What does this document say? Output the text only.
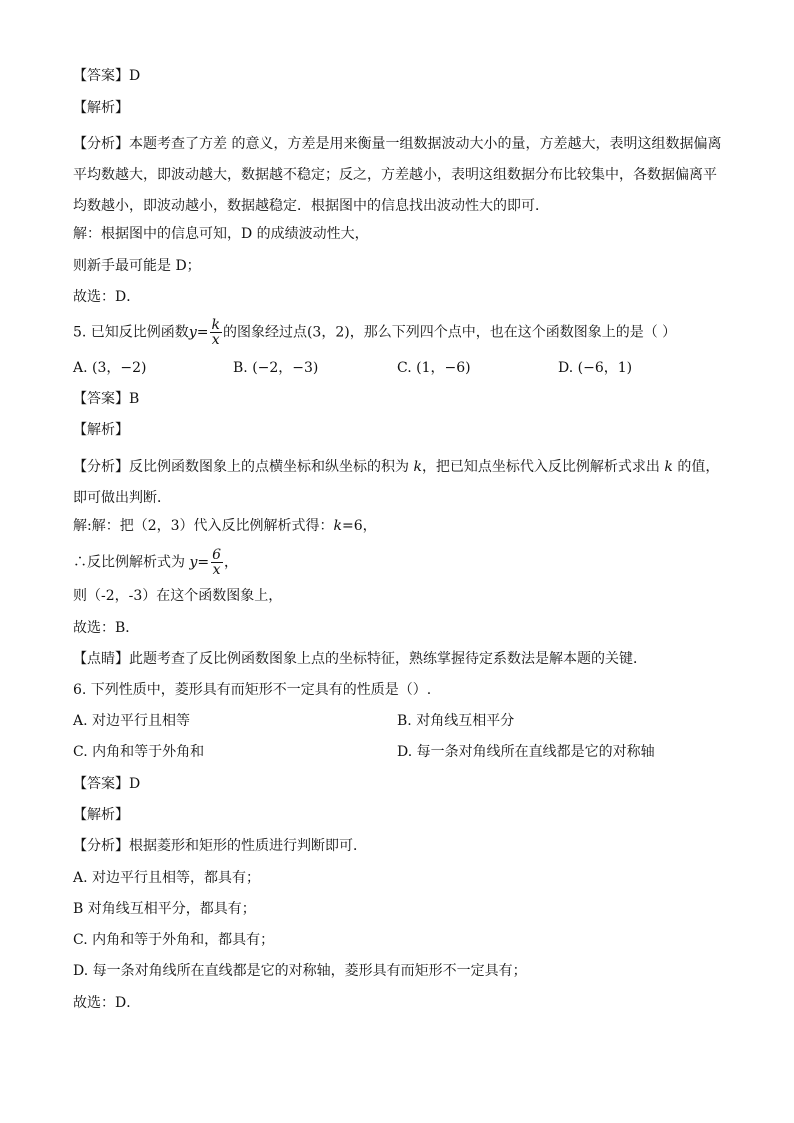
【答案】D
【解析】
【分析】本题考查了方差 的意义，方差是用来衡量一组数据波动大小的量，方差越大，表明这组数据偏离平均数越大，即波动越大，数据越不稳定；反之，方差越小，表明这组数据分布比较集中，各数据偏离平均数越小，即波动越小，数据越稳定．根据图中的信息找出波动性大的即可．
解：根据图中的信息可知，D 的成绩波动性大，
则新手最可能是 D；
故选：D．
5. 已知反比例函数$y= \frac{k}{x}$ 的图象经过点(3，2)，那么下列四个点中，也在这个函数图象上的是（ ）
A. (3，−2)	B. (−2，−3)	C. (1，−6)	D. (−6，1)
【答案】B
【解析】
【分析】反比例函数图象上的点横坐标和纵坐标的积为 k，把已知点坐标代入反比例解析式求出 k 的值，即可做出判断．
解:解：把（2，3）代入反比例解析式得：k=6，
∴反比例解析式为 $y= \frac{6}{x}$ ，
则（-2，-3）在这个函数图象上，
故选：B．
【点睛】此题考查了反比例函数图象上点的坐标特征，熟练掌握待定系数法是解本题的关键．
6. 下列性质中，菱形具有而矩形不一定具有的性质是（）.
A. 对边平行且相等	B. 对角线互相平分
C. 内角和等于外角和	D. 每一条对角线所在直线都是它的对称轴
【答案】D
【解析】
【分析】根据菱形和矩形的性质进行判断即可．
A. 对边平行且相等，都具有；
B 对角线互相平分，都具有；
C. 内角和等于外角和，都具有；
D. 每一条对角线所在直线都是它的对称轴，菱形具有而矩形不一定具有；
故选：D．
